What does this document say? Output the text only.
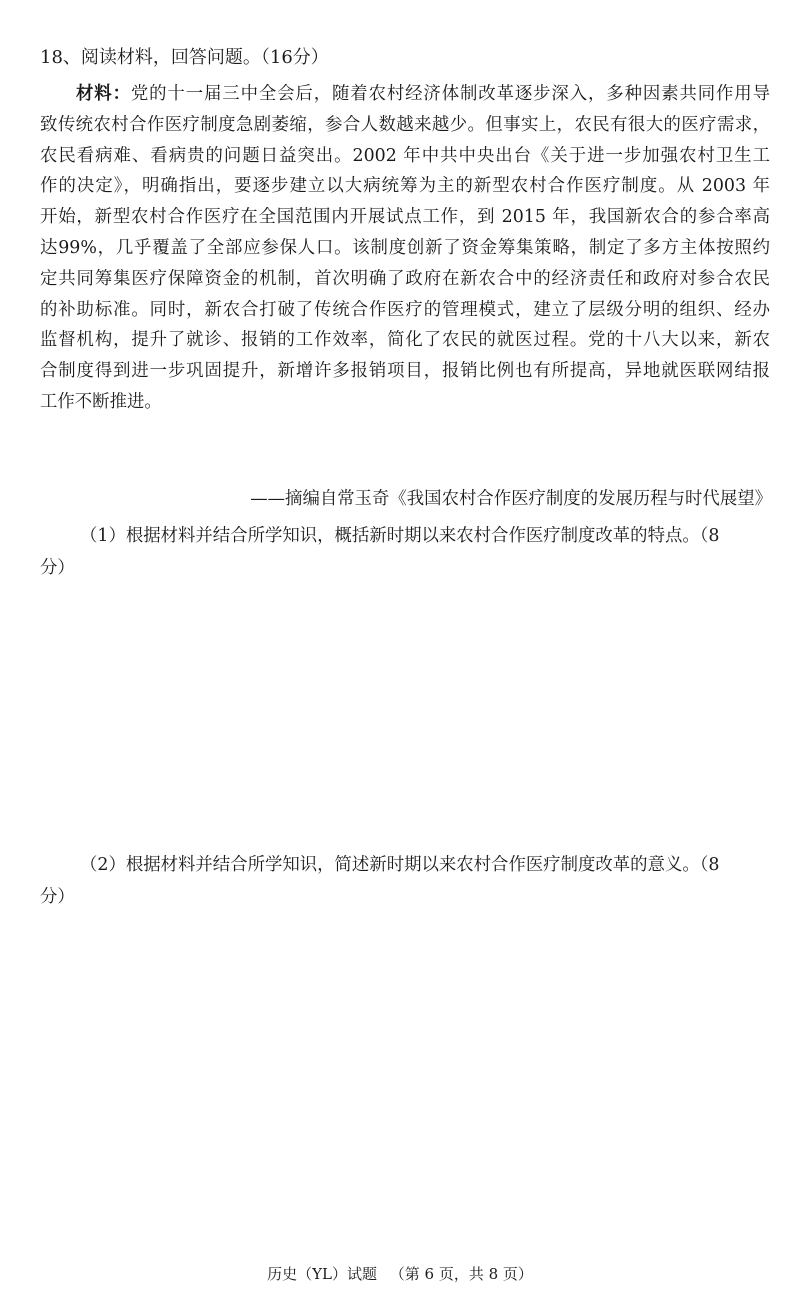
18、阅读材料，回答问题。（16分）
材料：党的十一届三中全会后，随着农村经济体制改革逐步深入，多种因素共同作用导
致传统农村合作医疗制度急剧萎缩，参合人数越来越少。但事实上，农民有很大的医疗需求，
农民看病难、看病贵的问题日益突出。2002 年中共中央出台《关于进一步加强农村卫生工
作的决定》，明确指出，要逐步建立以大病统筹为主的新型农村合作医疗制度。从 2003 年
开始，新型农村合作医疗在全国范围内开展试点工作，到 2015 年，我国新农合的参合率高
达99%，几乎覆盖了全部应参保人口。该制度创新了资金筹集策略，制定了多方主体按照约
定共同筹集医疗保障资金的机制，首次明确了政府在新农合中的经济责任和政府对参合农民
的补助标准。同时，新农合打破了传统合作医疗的管理模式，建立了层级分明的组织、经办
监督机构，提升了就诊、报销的工作效率，简化了农民的就医过程。党的十八大以来，新农
合制度得到进一步巩固提升，新增许多报销项目，报销比例也有所提高，异地就医联网结报
工作不断推进。
——摘编自常玉奇《我国农村合作医疗制度的发展历程与时代展望》
（1）根据材料并结合所学知识，概括新时期以来农村合作医疗制度改革的特点。（8
分）
（2）根据材料并结合所学知识，简述新时期以来农村合作医疗制度改革的意义。（8
分）
历史（YL）试题 （第 6 页，共 8 页）
